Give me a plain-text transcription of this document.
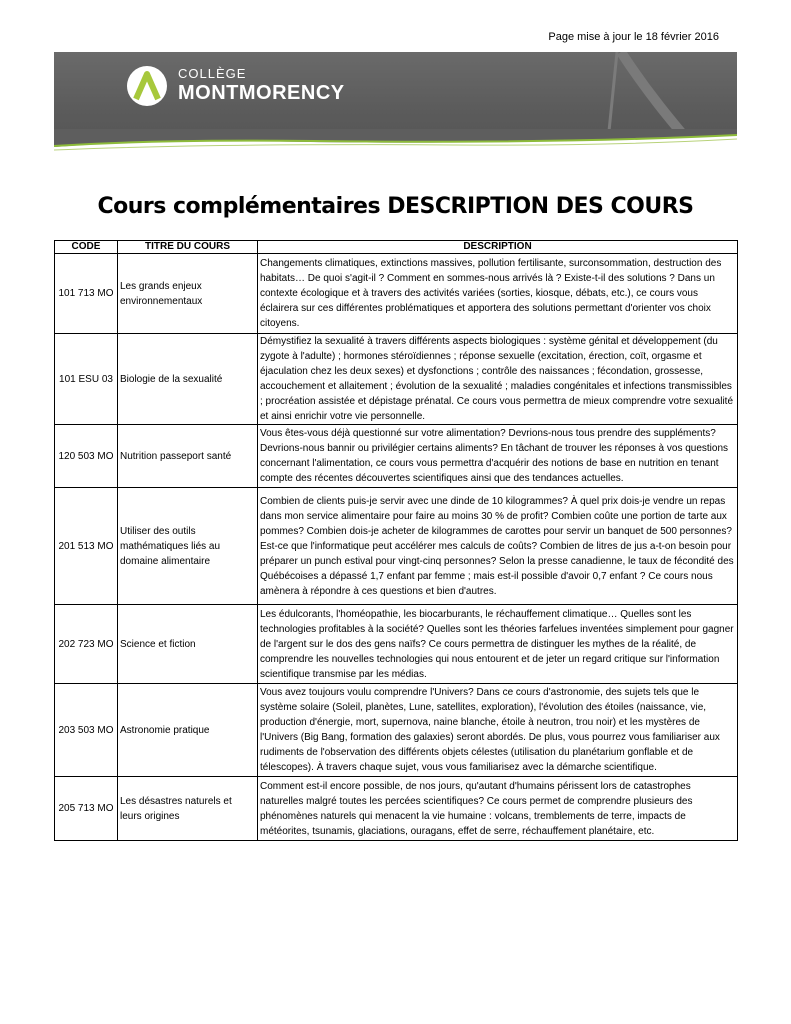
Page mise à jour le 18 février 2016
COLLÈGE
MONTMORENCY
Cours complémentaires DESCRIPTION DES COURS
CODE	TITRE DU COURS	DESCRIPTION
101 713 MO	Les grands enjeux environnementaux	Changements climatiques, extinctions massives, pollution fertilisante, surconsommation, destruction des habitats… De quoi s'agit-il ? Comment en sommes-nous arrivés là ? Existe-t-il des solutions ? Dans un contexte écologique et à travers des activités variées (sorties, kiosque, débats, etc.), ce cours vous éclairera sur ces différentes problématiques et apportera des solutions permettant d'orienter vos choix citoyens.
101 ESU 03	Biologie de la sexualité	Démystifiez la sexualité à travers différents aspects biologiques : système génital et développement (du zygote à l'adulte) ; hormones stéroïdiennes ; réponse sexuelle (excitation, érection, coït, orgasme et éjaculation chez les deux sexes) et dysfonctions ; contrôle des naissances ; fécondation, grossesse, accouchement et allaitement ; évolution de la sexualité ; maladies congénitales et infections transmissibles ; procréation assistée et dépistage prénatal. Ce cours vous permettra de mieux comprendre votre sexualité et ainsi enrichir votre vie personnelle.
120 503 MO	Nutrition passeport santé	Vous êtes-vous déjà questionné sur votre alimentation? Devrions-nous tous prendre des suppléments? Devrions-nous bannir ou privilégier certains aliments? En tâchant de trouver les réponses à vos questions concernant l'alimentation, ce cours vous permettra d'acquérir des notions de base en nutrition en tenant compte des récentes découvertes scientifiques ainsi que des tendances actuelles.
201 513 MO	Utiliser des outils mathématiques liés au domaine alimentaire	Combien de clients puis-je servir avec une dinde de 10 kilogrammes? À quel prix dois-je vendre un repas dans mon service alimentaire pour faire au moins 30 % de profit? Combien coûte une portion de tarte aux pommes? Combien dois-je acheter de kilogrammes de carottes pour servir un banquet de 500 personnes? Est-ce que l'informatique peut accélérer mes calculs de coûts? Combien de litres de jus a-t-on besoin pour préparer un punch estival pour vingt-cinq personnes? Selon la presse canadienne, le taux de fécondité des Québécoises a dépassé 1,7 enfant par femme ; mais est-il possible d'avoir 0,7 enfant ? Ce cours nous amènera à répondre à ces questions et bien d'autres.
202 723 MO	Science et fiction	Les édulcorants, l'homéopathie, les biocarburants, le réchauffement climatique… Quelles sont les technologies profitables à la société? Quelles sont les théories farfelues inventées simplement pour gagner de l'argent sur le dos des gens naïfs? Ce cours permettra de distinguer les mythes de la réalité, de comprendre les nouvelles technologies qui nous entourent et de jeter un regard critique sur l'information scientifique transmise par les médias.
203 503 MO	Astronomie pratique	Vous avez toujours voulu comprendre l'Univers? Dans ce cours d'astronomie, des sujets tels que le système solaire (Soleil, planètes, Lune, satellites, exploration), l'évolution des étoiles (naissance, vie, production d'énergie, mort, supernova, naine blanche, étoile à neutron, trou noir) et les mystères de l'Univers (Big Bang, formation des galaxies) seront abordés. De plus, vous pourrez vous familiariser aux rudiments de l'observation des différents objets célestes (utilisation du planétarium gonflable et de télescopes). À travers chaque sujet, vous vous familiarisez avec la démarche scientifique.
205 713 MO	Les désastres naturels et leurs origines	Comment est-il encore possible, de nos jours, qu'autant d'humains périssent lors de catastrophes naturelles malgré toutes les percées scientifiques? Ce cours permet de comprendre plusieurs des phénomènes naturels qui menacent la vie humaine : volcans, tremblements de terre, impacts de météorites, tsunamis, glaciations, ouragans, effet de serre, réchauffement planétaire, etc.
